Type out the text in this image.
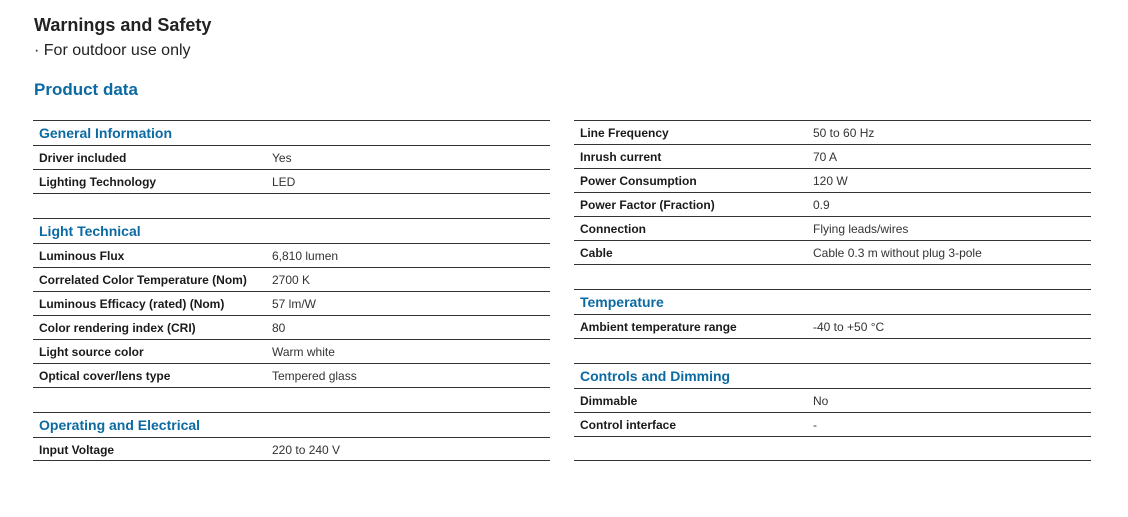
Warnings and Safety
· For outdoor use only
Product data
General Information
Driver included	Yes
Lighting Technology	LED
Light Technical
Luminous Flux	6,810 lumen
Correlated Color Temperature (Nom) 2700 K
Luminous Efficacy (rated) (Nom)	57 lm/W
Color rendering index (CRI)	80
Light source color	Warm white
Optical cover/lens type	Tempered glass
Operating and Electrical
Input Voltage	220 to 240 V
Line Frequency	50 to 60 Hz
Inrush current	70 A
Power Consumption	120 W
Power Factor (Fraction)	0.9
Connection	Flying leads/wires
Cable	Cable 0.3 m without plug 3-pole
Temperature
Ambient temperature range	-40 to +50 °C
Controls and Dimming
Dimmable	No
Control interface	-
